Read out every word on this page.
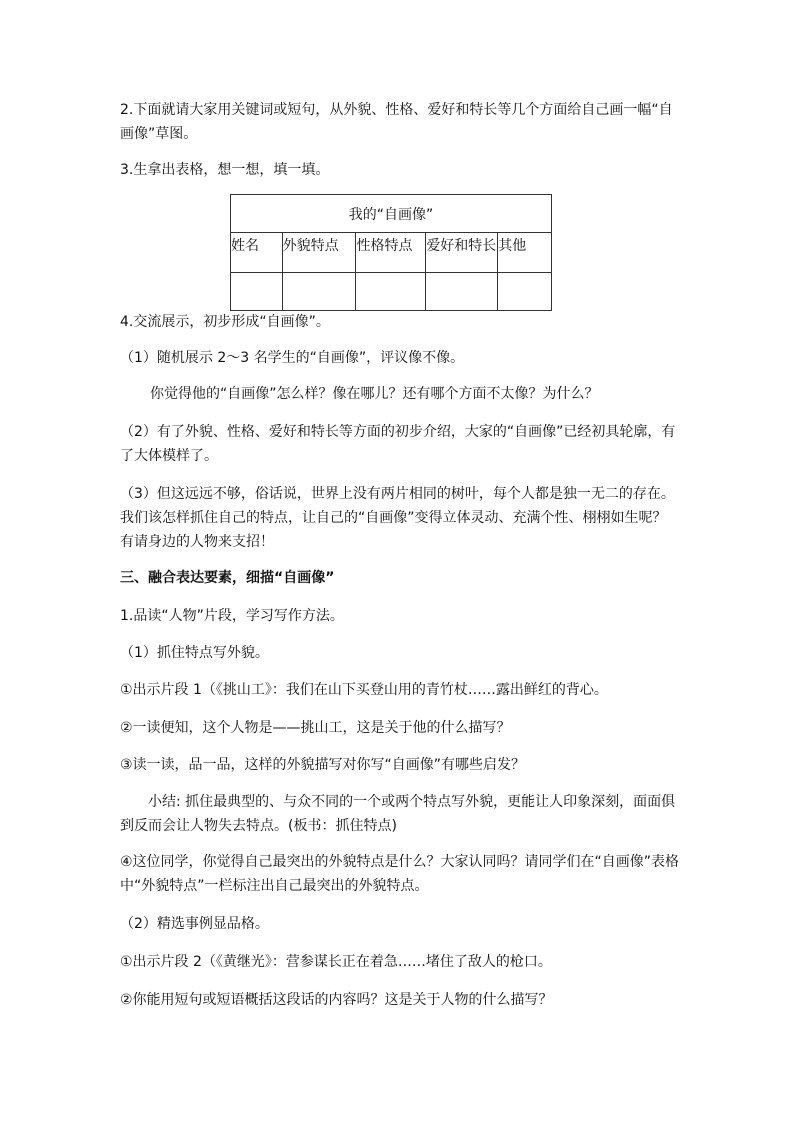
2.下面就请大家用关键词或短句，从外貌、性格、爱好和特长等几个方面给自己画一幅“自画像”草图。

3.生拿出表格，想一想，填一填。

我的“自画像”				
姓名	外貌特点	性格特点	爱好和特长	其他

4.交流展示，初步形成“自画像”。

（1）随机展示 2～3 名学生的“自画像”，评议像不像。

你觉得他的“自画像”怎么样？像在哪儿？还有哪个方面不太像？为什么？

（2）有了外貌、性格、爱好和特长等方面的初步介绍，大家的“自画像”已经初具轮廓，有了大体模样了。

（3）但这远远不够，俗话说，世界上没有两片相同的树叶，每个人都是独一无二的存在。我们该怎样抓住自己的特点，让自己的“自画像”变得立体灵动、充满个性、栩栩如生呢？有请身边的人物来支招！

三、融合表达要素，细描“自画像”

1.品读“人物”片段，学习写作方法。

（1）抓住特点写外貌。

①出示片段 1（《挑山工》：我们在山下买登山用的青竹杖……露出鲜红的背心。

②一读便知，这个人物是——挑山工，这是关于他的什么描写？

③读一读，品一品，这样的外貌描写对你写“自画像”有哪些启发？

小结: 抓住最典型的、与众不同的一个或两个特点写外貌，更能让人印象深刻，面面俱到反而会让人物失去特点。(板书：抓住特点)

④这位同学，你觉得自己最突出的外貌特点是什么？大家认同吗？请同学们在“自画像”表格中“外貌特点”一栏标注出自己最突出的外貌特点。

（2）精选事例显品格。

①出示片段 2（《黄继光》：营参谋长正在着急……堵住了敌人的枪口。

②你能用短句或短语概括这段话的内容吗？这是关于人物的什么描写？
